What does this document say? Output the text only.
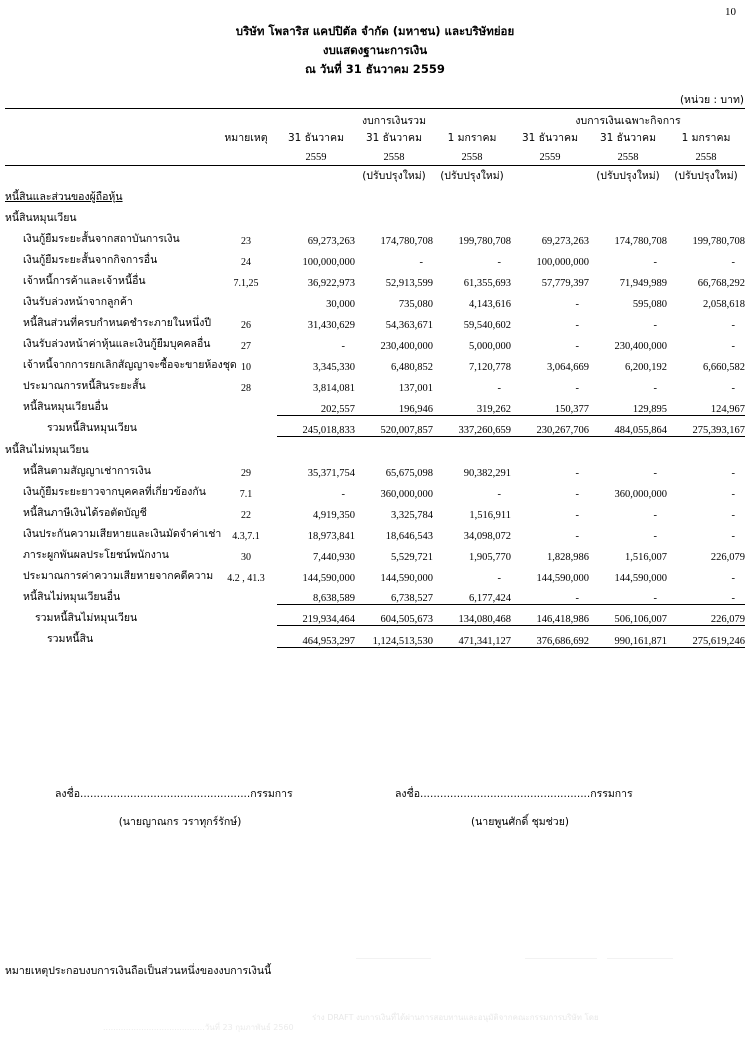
10
บริษัท โพลาริส แคปปิตัล จำกัด (มหาชน) และบริษัทย่อย
งบแสดงฐานะการเงิน
ณ วันที่ 31 ธันวาคม 2559
(หน่วย : บาท)

		งบการเงินรวม			งบการเงินเฉพาะกิจการ		
	หมายเหตุ	31 ธันวาคม	31 ธันวาคม	1 มกราคม	31 ธันวาคม	31 ธันวาคม	1 มกราคม
		2559	2558	2558	2559	2558	2558

			(ปรับปรุงใหม่)	(ปรับปรุงใหม่)		(ปรับปรุงใหม่)	(ปรับปรุงใหม่)
หนี้สินและส่วนของผู้ถือหุ้น							
หนี้สินหมุนเวียน							
เงินกู้ยืมระยะสั้นจากสถาบันการเงิน	23	69,273,263	174,780,708	199,780,708	69,273,263	174,780,708	199,780,708
เงินกู้ยืมระยะสั้นจากกิจการอื่น	24	100,000,000	-	-	100,000,000	-	-
เจ้าหนี้การค้าและเจ้าหนี้อื่น	7.1,25	36,922,973	52,913,599	61,355,693	57,779,397	71,949,989	66,768,292
เงินรับล่วงหน้าจากลูกค้า		30,000	735,080	4,143,616	-	595,080	2,058,618
หนี้สินส่วนที่ครบกำหนดชำระภายในหนึ่งปี	26	31,430,629	54,363,671	59,540,602	-	-	-
เงินรับล่วงหน้าค่าหุ้นและเงินกู้ยืมบุคคลอื่น	27	-	230,400,000	5,000,000	-	230,400,000	-
เจ้าหนี้จากการยกเลิกสัญญาจะซื้อจะขายห้องชุด	10	3,345,330	6,480,852	7,120,778	3,064,669	6,200,192	6,660,582
ประมาณการหนี้สินระยะสั้น	28	3,814,081	137,001	-	-	-	-
หนี้สินหมุนเวียนอื่น		202,557	196,946	319,262	150,377	129,895	124,967
รวมหนี้สินหมุนเวียน		245,018,833	520,007,857	337,260,659	230,267,706	484,055,864	275,393,167

หนี้สินไม่หมุนเวียน							
หนี้สินตามสัญญาเช่าการเงิน	29	35,371,754	65,675,098	90,382,291	-	-	-
เงินกู้ยืมระยะยาวจากบุคคลที่เกี่ยวข้องกัน	7.1	-	360,000,000	-	-	360,000,000	-
หนี้สินภาษีเงินได้รอตัดบัญชี	22	4,919,350	3,325,784	1,516,911	-	-	-
เงินประกันความเสียหายและเงินมัดจำค่าเช่า	4.3,7.1	18,973,841	18,646,543	34,098,072	-	-	-
ภาระผูกพันผลประโยชน์พนักงาน	30	7,440,930	5,529,721	1,905,770	1,828,986	1,516,007	226,079
ประมาณการค่าความเสียหายจากคดีความ	4.2 , 41.3	144,590,000	144,590,000	-	144,590,000	144,590,000	-
หนี้สินไม่หมุนเวียนอื่น		8,638,589	6,738,527	6,177,424	-	-	-
รวมหนี้สินไม่หมุนเวียน		219,934,464	604,505,673	134,080,468	146,418,986	506,106,007	226,079
รวมหนี้สิน		464,953,297	1,124,513,530	471,341,127	376,686,692	990,161,871	275,619,246

ลงชื่อ...................................................กรรมการ
(นายญาณกร วราทุกร์รักษ์)
ลงชื่อ...................................................กรรมการ
(นายพูนศักดิ์ ชุมช่วย)
หมายเหตุประกอบงบการเงินถือเป็นส่วนหนึ่งของงบการเงินนี้
ร่าง DRAFT งบการเงินที่ได้ผ่านการสอบทานและอนุมัติจากคณะกรรมการบริษัท โดย
........................................วันที่ 23 กุมภาพันธ์ 2560
